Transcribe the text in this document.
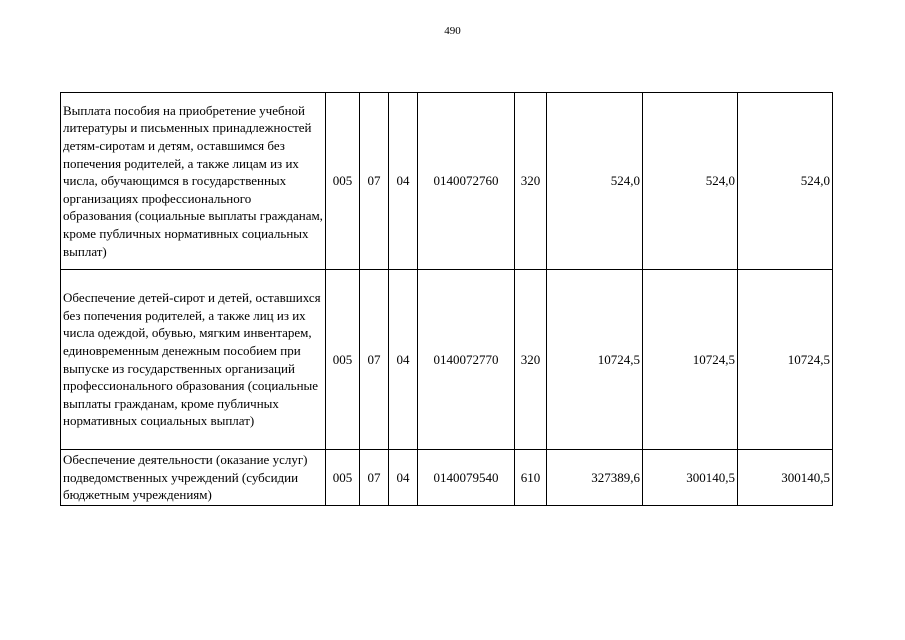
490
Выплата пособия на приобретение учебной литературы и письменных принадлежностей детям-сиротам и детям, оставшимся без попечения родителей, а также лицам из их числа, обучающимся в государственных организациях профессионального образования (социальные выплаты гражданам, кроме публичных нормативных социальных выплат)	005	07	04	0140072760	320	524,0	524,0	524,0
Обеспечение детей-сирот и детей, оставшихся без попечения родителей, а также лиц из их числа одеждой, обувью, мягким инвентарем, единовременным денежным пособием при выпуске из государственных организаций профессионального образования (социальные выплаты гражданам, кроме публичных нормативных социальных выплат)	005	07	04	0140072770	320	10724,5	10724,5	10724,5
Обеспечение деятельности (оказание услуг) подведомственных учреждений (субсидии бюджетным учреждениям)	005	07	04	0140079540	610	327389,6	300140,5	300140,5
